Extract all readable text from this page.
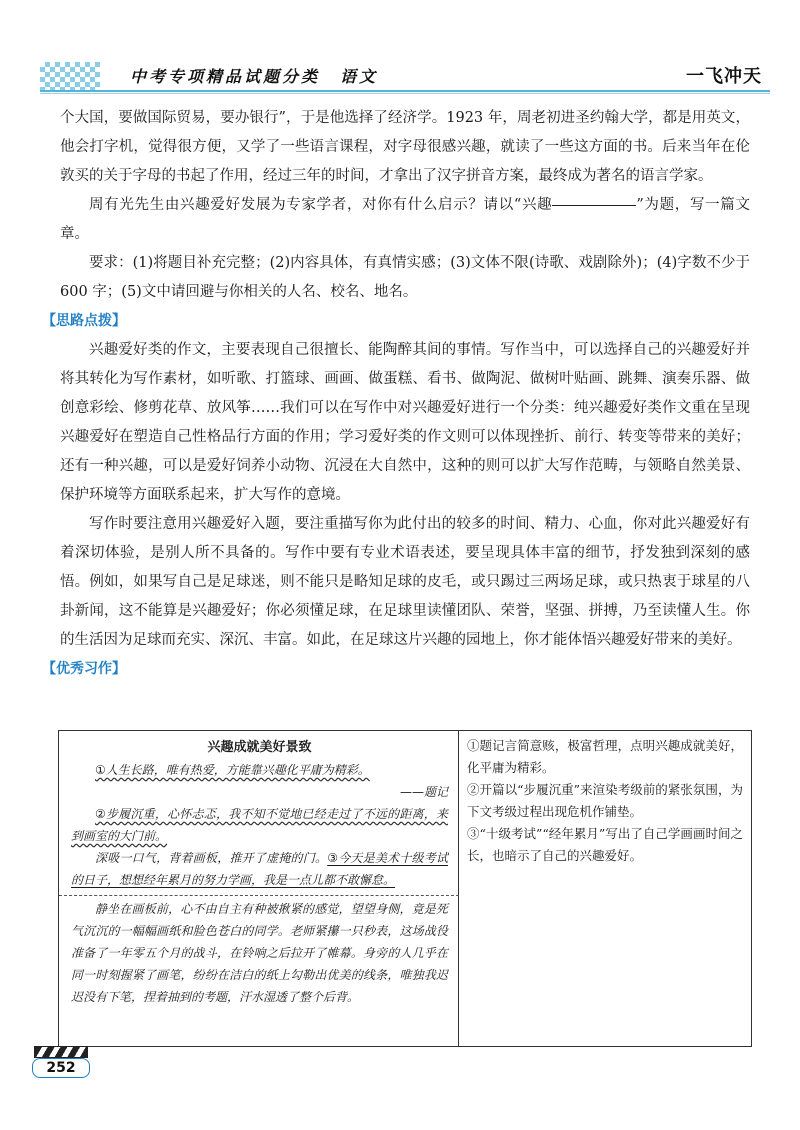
中考专项精品试题分类 语文	一飞冲天

个大国，要做国际贸易，要办银行”，于是他选择了经济学。1923 年，周老初进圣约翰大学，都是用英文，他会打字机，觉得很方便，又学了一些语言课程，对字母很感兴趣，就读了一些这方面的书。后来当年在伦敦买的关于字母的书起了作用，经过三年的时间，才拿出了汉字拼音方案，最终成为著名的语言学家。

周有光先生由兴趣爱好发展为专家学者，对你有什么启示？请以“兴趣	”为题，写一篇文章。

要求：(1)将题目补充完整；(2)内容具体，有真情实感；(3)文体不限(诗歌、戏剧除外)；(4)字数不少于 600 字；(5)文中请回避与你相关的人名、校名、地名。

【思路点拨】

兴趣爱好类的作文，主要表现自己很擅长、能陶醉其间的事情。写作当中，可以选择自己的兴趣爱好并将其转化为写作素材，如听歌、打篮球、画画、做蛋糕、看书、做陶泥、做树叶贴画、跳舞、演奏乐器、做创意彩绘、修剪花草、放风筝……我们可以在写作中对兴趣爱好进行一个分类：纯兴趣爱好类作文重在呈现兴趣爱好在塑造自己性格品行方面的作用；学习爱好类的作文则可以体现挫折、前行、转变等带来的美好；还有一种兴趣，可以是爱好饲养小动物、沉浸在大自然中，这种的则可以扩大写作范畴，与领略自然美景、保护环境等方面联系起来，扩大写作的意境。

写作时要注意用兴趣爱好入题，要注重描写你为此付出的较多的时间、精力、心血，你对此兴趣爱好有着深切体验，是别人所不具备的。写作中要有专业术语表述，要呈现具体丰富的细节，抒发独到深刻的感悟。例如，如果写自己是足球迷，则不能只是略知足球的皮毛，或只踢过三两场足球，或只热衷于球星的八卦新闻，这不能算是兴趣爱好；你必须懂足球，在足球里读懂团队、荣誉，坚强、拼搏，乃至读懂人生。你的生活因为足球而充实、深沉、丰富。如此，在足球这片兴趣的园地上，你才能体悟兴趣爱好带来的美好。

【优秀习作】

兴趣成就美好景致

①人生长路，唯有热爱，方能靠兴趣化平庸为精彩。

——题记

②步履沉重，心怀忐忑，我不知不觉地已经走过了不远的距离，来到画室的大门前。

深吸一口气，背着画板，推开了虚掩的门。③今天是美术十级考试的日子，想想经年累月的努力学画，我是一点儿都不敢懈怠。

静坐在画板前，心不由自主有种被揪紧的感觉，望望身侧，竟是死气沉沉的一幅幅画纸和脸色苍白的同学。老师紧攥一只秒表，这场战役准备了一年零五个月的战斗，在铃响之后拉开了帷幕。身旁的人几乎在同一时刻握紧了画笔，纷纷在洁白的纸上勾勒出优美的线条，唯独我迟迟没有下笔，捏着抽到的考题，汗水湿透了整个后背。

①题记言简意赅，极富哲理，点明兴趣成就美好，化平庸为精彩。

②开篇以“步履沉重”来渲染考级前的紧张氛围，为下文考级过程出现危机作铺垫。

③“十级考试”“经年累月”写出了自己学画画时间之长，也暗示了自己的兴趣爱好。

252
